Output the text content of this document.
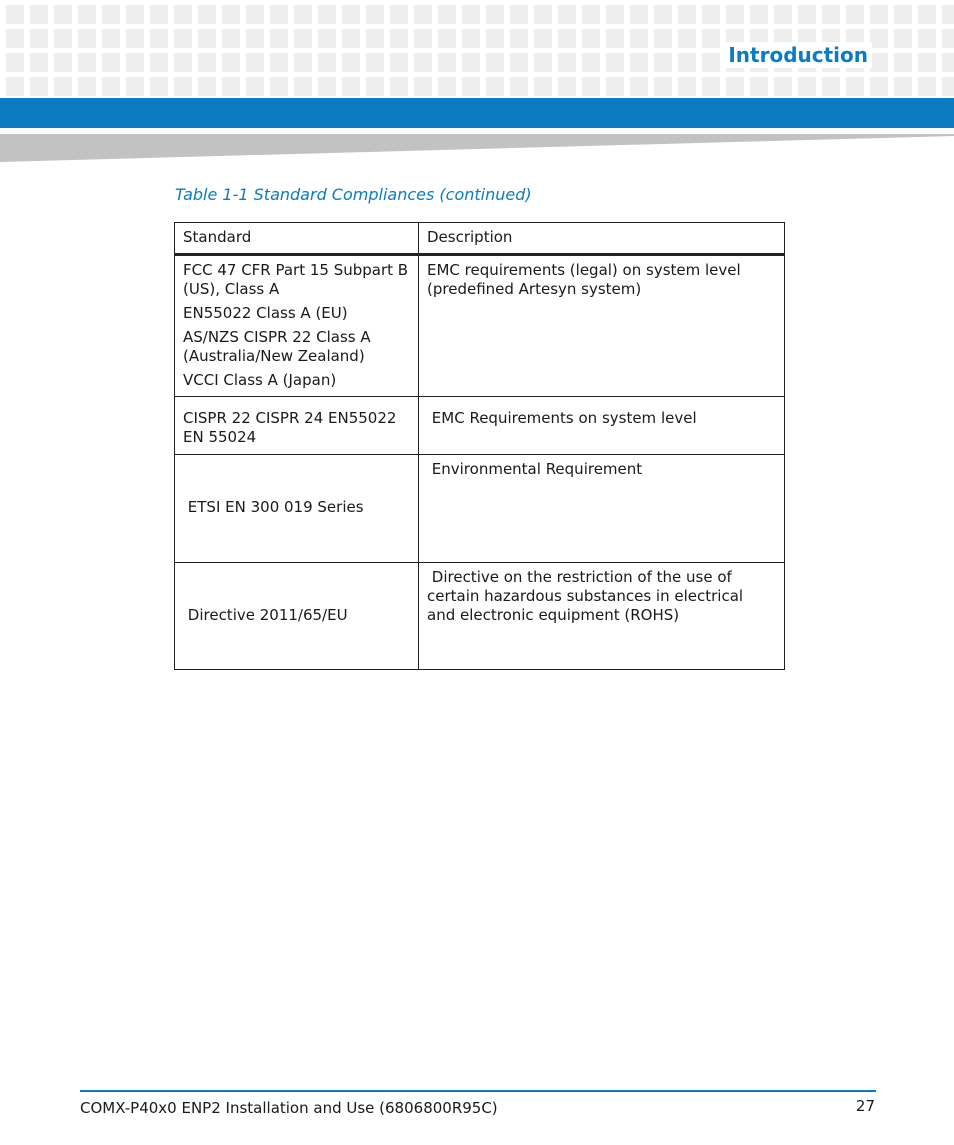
Introduction
Table 1-1 Standard Compliances (continued)
Standard	Description

FCC 47 CFR Part 15 Subpart B (US), Class A
EN55022 Class A (EU)
AS/NZS CISPR 22 Class A (Australia/New Zealand)
VCCI Class A (Japan)	EMC requirements (legal) on system level (predefined Artesyn system)

CISPR 22 CISPR 24 EN55022 EN 55024	EMC Requirements on system level

ETSI EN 300 019 Series	Environmental Requirement

Directive 2011/65/EU	Directive on the restriction of the use of certain hazardous substances in electrical and electronic equipment (ROHS)
COMX-P40x0 ENP2 Installation and Use (6806800R95C)	27
